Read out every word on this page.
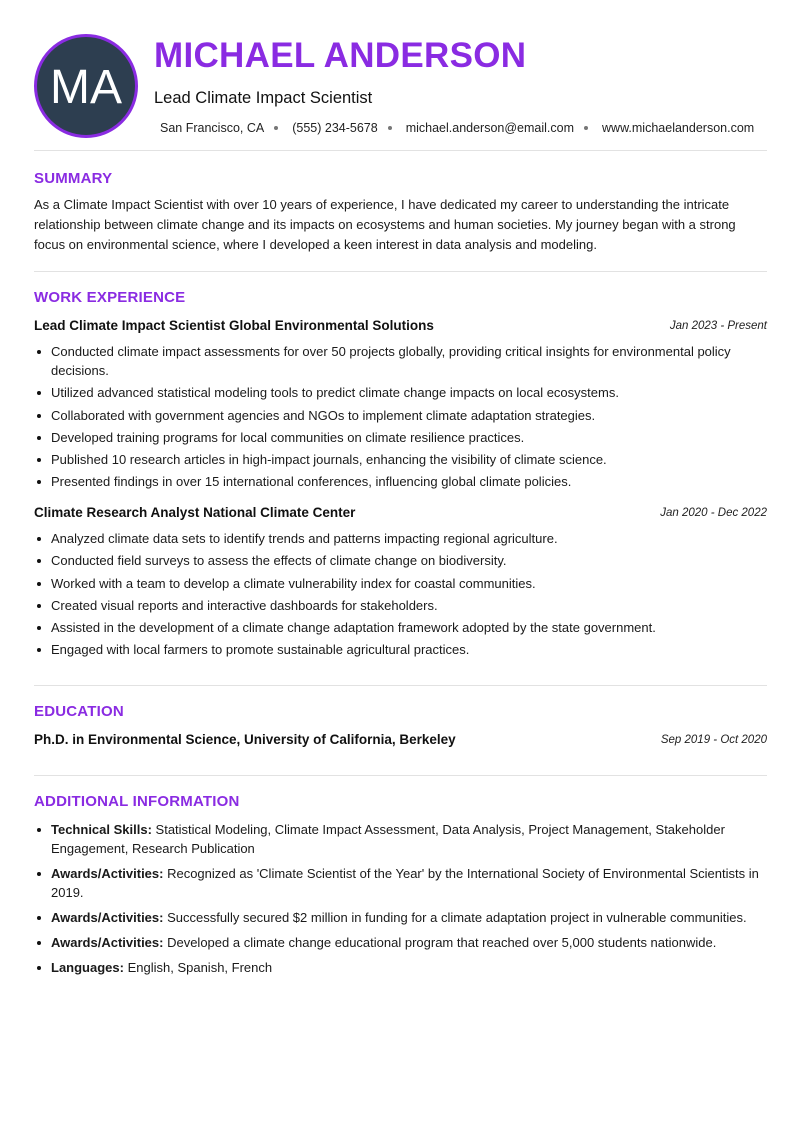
MA
MICHAEL ANDERSON
Lead Climate Impact Scientist
San Francisco, CA (555) 234-5678 michael.anderson@email.com www.michaelanderson.com
SUMMARY
As a Climate Impact Scientist with over 10 years of experience, I have dedicated my career to understanding the intricate relationship between climate change and its impacts on ecosystems and human societies. My journey began with a strong focus on environmental science, where I developed a keen interest in data analysis and modeling.
WORK EXPERIENCE
Lead Climate Impact Scientist Global Environmental Solutions	Jan 2023 - Present
Conducted climate impact assessments for over 50 projects globally, providing critical insights for environmental policy decisions.
Utilized advanced statistical modeling tools to predict climate change impacts on local ecosystems.
Collaborated with government agencies and NGOs to implement climate adaptation strategies.
Developed training programs for local communities on climate resilience practices.
Published 10 research articles in high-impact journals, enhancing the visibility of climate science.
Presented findings in over 15 international conferences, influencing global climate policies.
Climate Research Analyst National Climate Center	Jan 2020 - Dec 2022
Analyzed climate data sets to identify trends and patterns impacting regional agriculture.
Conducted field surveys to assess the effects of climate change on biodiversity.
Worked with a team to develop a climate vulnerability index for coastal communities.
Created visual reports and interactive dashboards for stakeholders.
Assisted in the development of a climate change adaptation framework adopted by the state government.
Engaged with local farmers to promote sustainable agricultural practices.
EDUCATION
Ph.D. in Environmental Science, University of California, Berkeley	Sep 2019 - Oct 2020
ADDITIONAL INFORMATION
Technical Skills: Statistical Modeling, Climate Impact Assessment, Data Analysis, Project Management, Stakeholder Engagement, Research Publication
Awards/Activities: Recognized as 'Climate Scientist of the Year' by the International Society of Environmental Scientists in 2019.
Awards/Activities: Successfully secured $2 million in funding for a climate adaptation project in vulnerable communities.
Awards/Activities: Developed a climate change educational program that reached over 5,000 students nationwide.
Languages: English, Spanish, French
